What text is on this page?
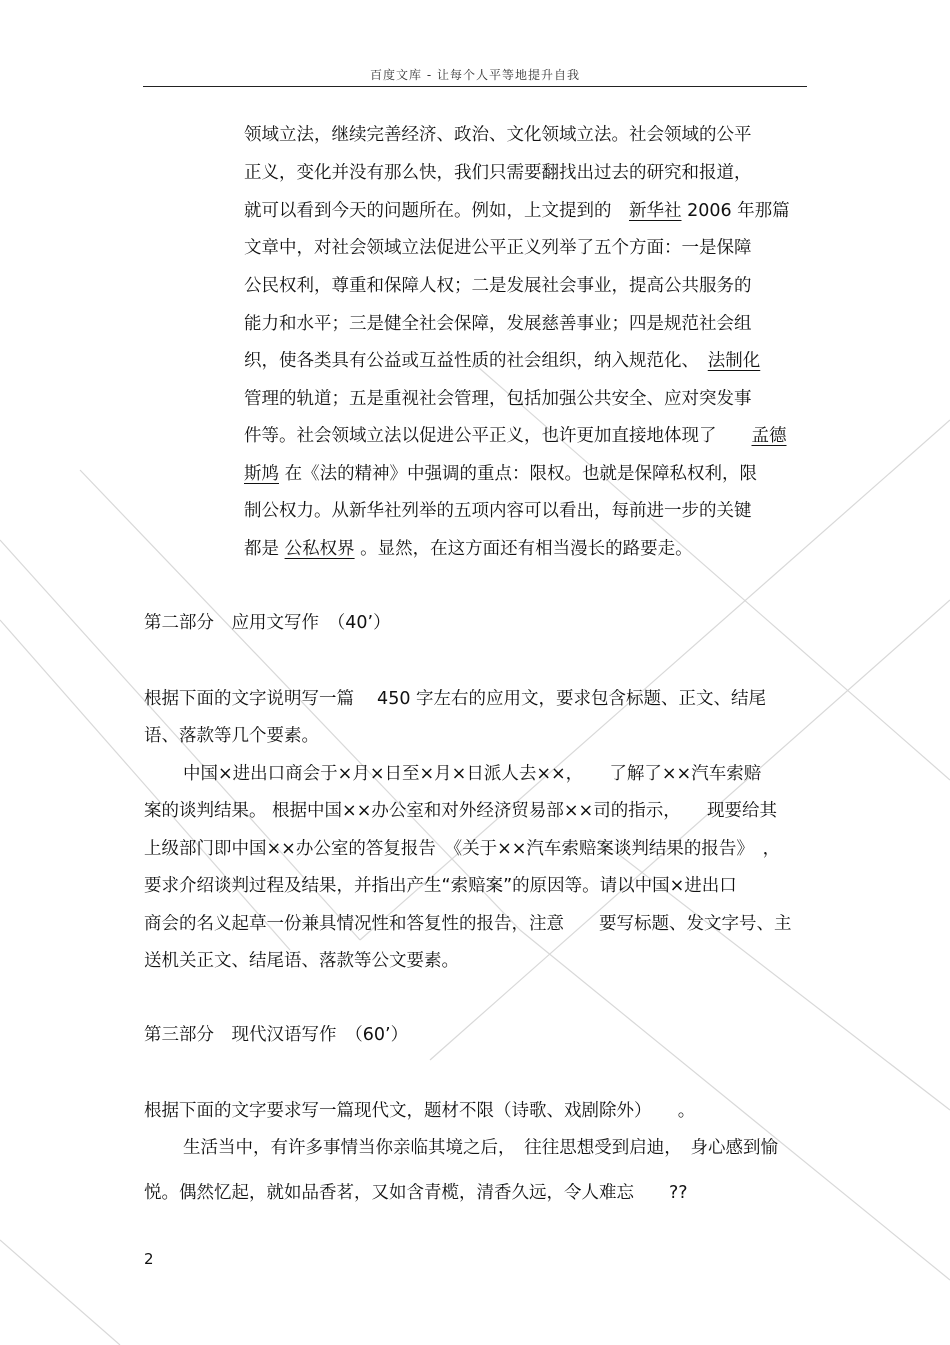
百度文库 - 让每个人平等地提升自我
领域立法，继续完善经济、政治、文化领域立法。社会领域的公平
正义，变化并没有那么快，我们只需要翻找出过去的研究和报道，
就可以看到今天的问题所在。例如，上文提到的　新华社 2006 年那篇
文章中，对社会领域立法促进公平正义列举了五个方面：一是保障
公民权利，尊重和保障人权；二是发展社会事业，提高公共服务的
能力和水平；三是健全社会保障，发展慈善事业；四是规范社会组
织，使各类具有公益或互益性质的社会组织，纳入规范化、　法制化
管理的轨道；五是重视社会管理，包括加强公共安全、应对突发事
件等。社会领域立法以促进公平正义，也许更加直接地体现了　　孟德
斯鸠 在《法的精神》中强调的重点：限权。也就是保障私权利，限
制公权力。从新华社列举的五项内容可以看出，每前进一步的关键
都是 公私权界 。显然，在这方面还有相当漫长的路要走。
第二部分　应用文写作　（40’）
根据下面的文字说明写一篇　 450 字左右的应用文，要求包含标题、正文、结尾
语、落款等几个要素。
中国×进出口商会于×月×日至×月×日派人去××，　　了解了××汽车索赔
案的谈判结果。 根据中国××办公室和对外经济贸易部××司的指示，　　现要给其
上级部门即中国××办公室的答复报告　《关于××汽车索赔案谈判结果的报告》　，
要求介绍谈判过程及结果，并指出产生“索赔案”的原因等。请以中国×进出口
商会的名义起草一份兼具情况性和答复性的报告，注意　　要写标题、发文字号、主
送机关正文、结尾语、落款等公文要素。
第三部分　现代汉语写作　（60’）
根据下面的文字要求写一篇现代文，题材不限（诗歌、戏剧除外）　　。
生活当中，有许多事情当你亲临其境之后，　往往思想受到启迪，　身心感到愉
悦。偶然忆起，就如品香茗，又如含青榄，清香久远，令人难忘　　??
2
